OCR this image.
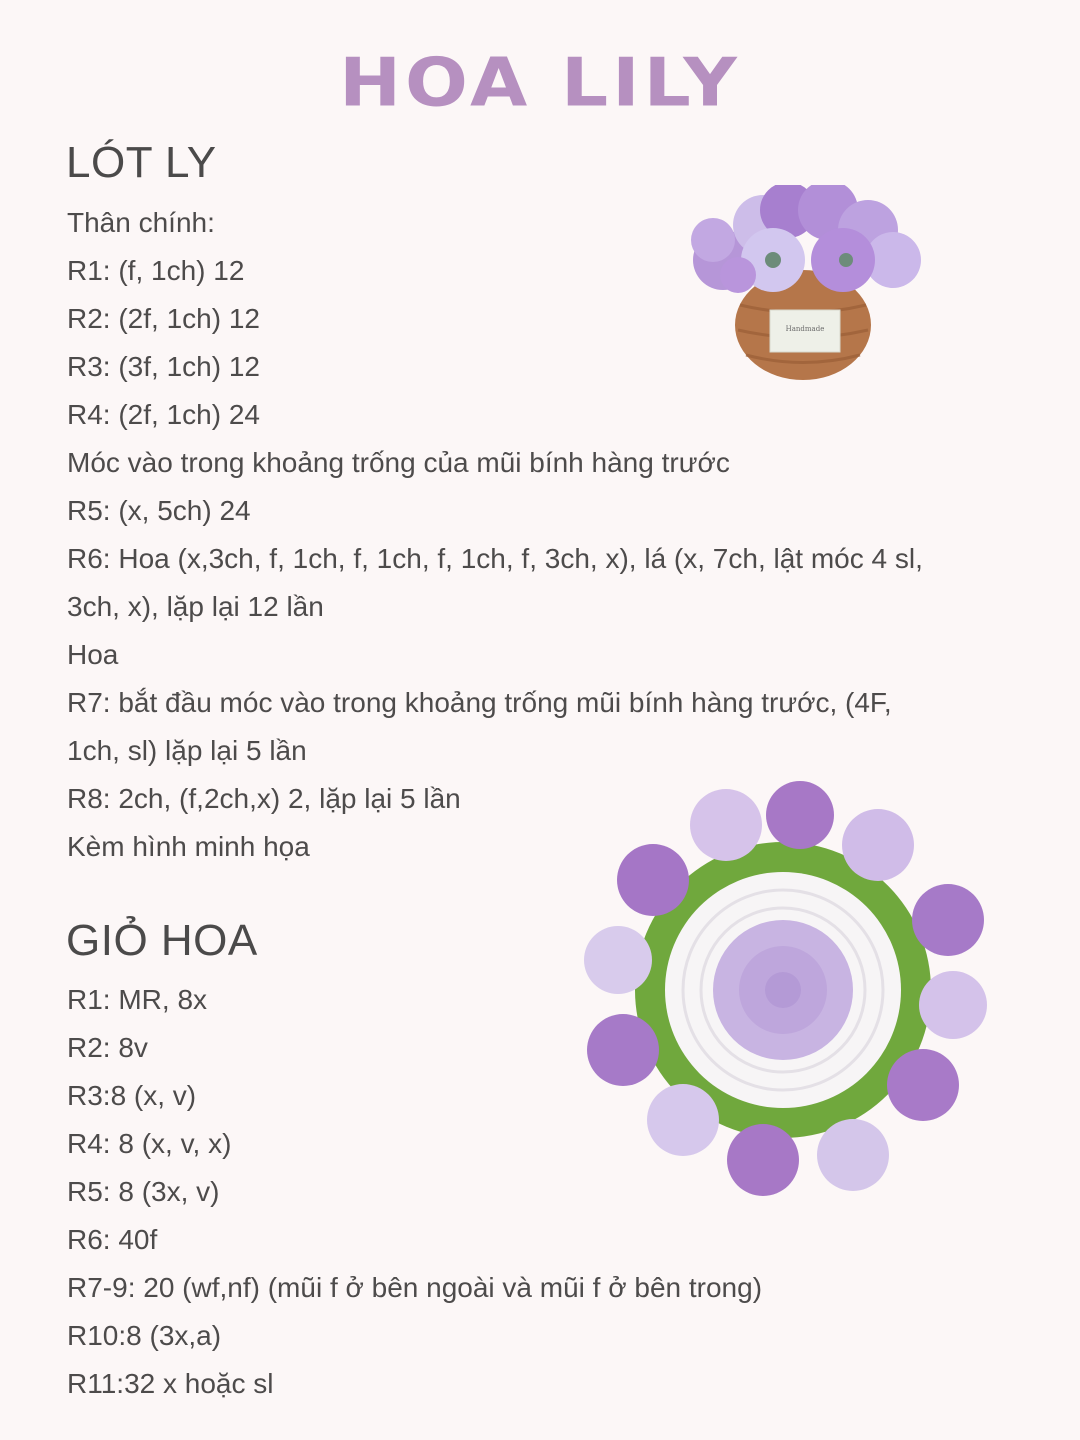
HOA LILY
LÓT LY
Thân chính:
R1: (f, 1ch) 12
R2: (2f, 1ch) 12
R3: (3f, 1ch) 12
R4: (2f, 1ch) 24
Móc vào trong khoảng trống của mũi bính hàng trước
R5: (x, 5ch) 24
R6: Hoa (x,3ch, f, 1ch, f, 1ch, f, 1ch, f, 3ch, x), lá (x, 7ch, lật móc 4 sl,
3ch, x), lặp lại 12 lần
Hoa
R7: bắt đầu móc vào trong khoảng trống mũi bính hàng trước, (4F,
1ch, sl) lặp lại 5 lần
R8: 2ch, (f,2ch,x) 2, lặp lại 5 lần
Kèm hình minh họa
GIỎ HOA
R1: MR, 8x
R2: 8v
R3:8 (x, v)
R4: 8 (x, v, x)
R5: 8 (3x, v)
R6: 40f
R7-9: 20 (wf,nf) (mũi f ở bên ngoài và mũi f ở bên trong)
R10:8 (3x,a)
R11:32 x hoặc sl
Handmade
